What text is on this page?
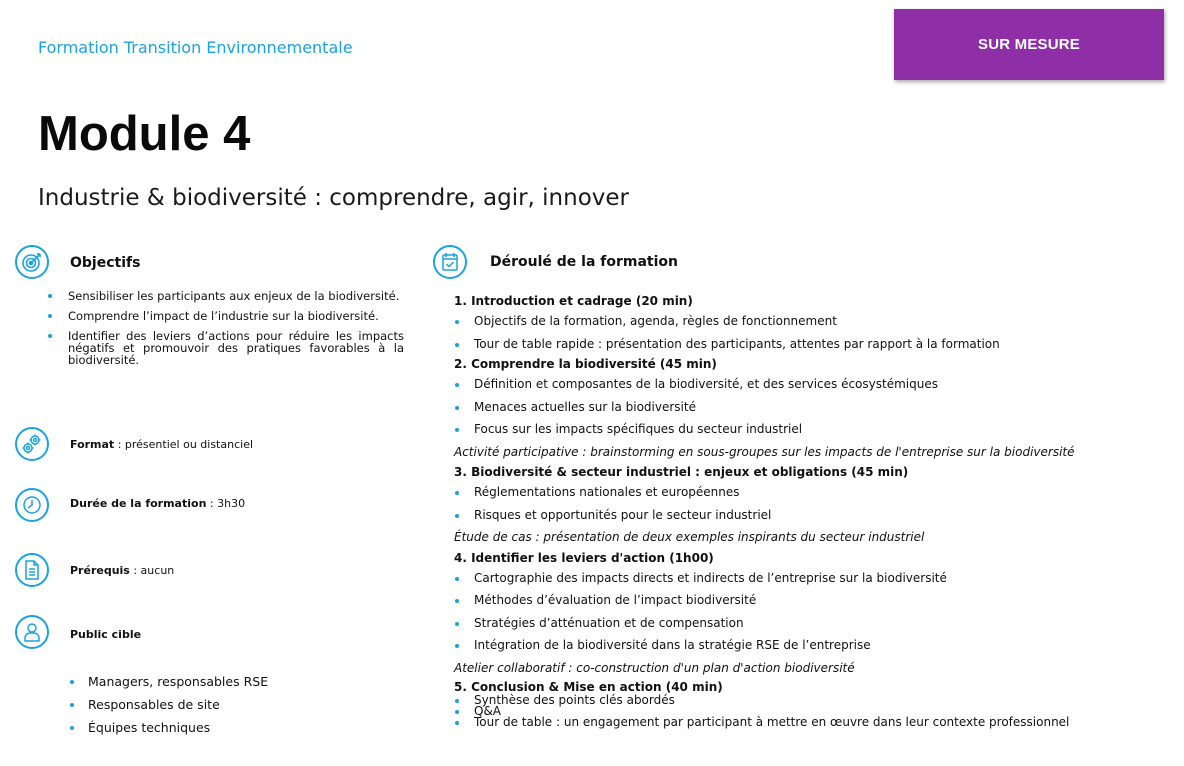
Formation Transition Environnementale	SUR MESURE
Module 4
Industrie & biodiversité : comprendre, agir, innover
Objectifs
Sensibiliser les participants aux enjeux de la biodiversité.
Comprendre l’impact de l’industrie sur la biodiversité.
Identifier des leviers d’actions pour réduire les impacts négatifs et promouvoir des pratiques favorables à la biodiversité.
Format : présentiel ou distanciel
Durée de la formation : 3h30
Prérequis : aucun
Public cible
Managers, responsables RSE
Responsables de site
Équipes techniques
Déroulé de la formation
1. Introduction et cadrage (20 min)
Objectifs de la formation, agenda, règles de fonctionnement
Tour de table rapide : présentation des participants, attentes par rapport à la formation
2. Comprendre la biodiversité (45 min)
Définition et composantes de la biodiversité, et des services écosystémiques
Menaces actuelles sur la biodiversité
Focus sur les impacts spécifiques du secteur industriel
Activité participative : brainstorming en sous-groupes sur les impacts de l'entreprise sur la biodiversité
3. Biodiversité & secteur industriel : enjeux et obligations (45 min)
Réglementations nationales et européennes
Risques et opportunités pour le secteur industriel
Étude de cas : présentation de deux exemples inspirants du secteur industriel
4. Identifier les leviers d'action (1h00)
Cartographie des impacts directs et indirects de l’entreprise sur la biodiversité
Méthodes d’évaluation de l’impact biodiversité
Stratégies d’atténuation et de compensation
Intégration de la biodiversité dans la stratégie RSE de l’entreprise
Atelier collaboratif : co-construction d'un plan d'action biodiversité
5. Conclusion & Mise en action (40 min)
Synthèse des points clés abordés
Q&A
Tour de table : un engagement par participant à mettre en œuvre dans leur contexte professionnel
